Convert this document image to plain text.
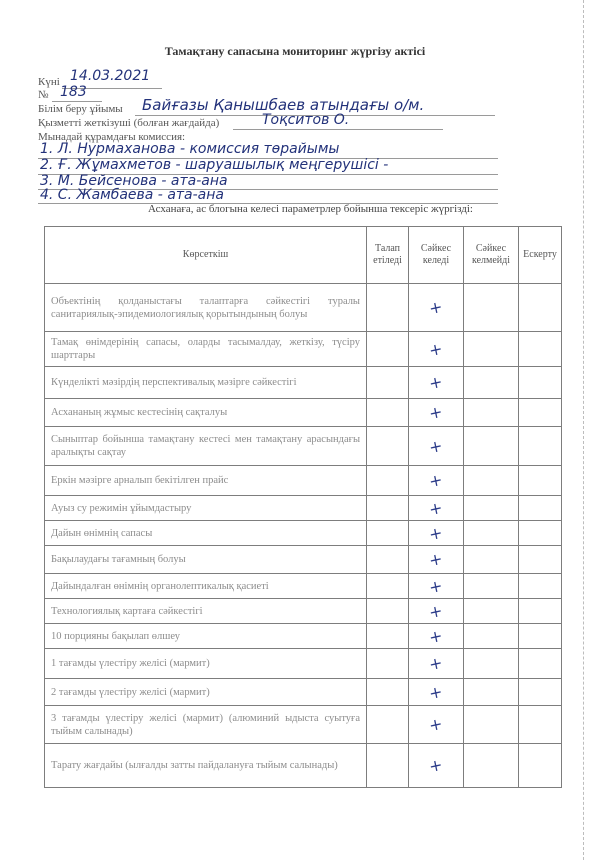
Тамақтану сапасына мониторинг жүргізу актісі
Күні 14.03.2021
№ 183
Білім беру ұйымы Байғазы Қанышбаев атындағы о/м.
Қызметті жеткізуші (болған жағдайда)	Тоқситов О.
Мынадай құрамдағы комиссия:
1. Л. Нурмаханова - комиссия төрайымы
2. Ғ. Жұмахметов - шаруашылық меңгерушісі -
3. М. Бейсенова - ата-ана
4. С. Жамбаева - ата-ана
Асханаға, ас блогына келесі параметрлер бойынша тексеріс жүргізді:
Көрсеткіш	Талап етіледі	Сәйкес келеді	Сәйкес келмейді	Ескерту
Объектінің қолданыстағы талаптарға сәйкестігі туралы санитариялық-эпидемиологиялық қорытындының болуы		+		
Тамақ өнімдерінің сапасы, оларды тасымалдау, жеткізу, түсіру шарттары		+		
Күнделікті мәзірдің перспективалық мәзірге сәйкестігі		+		
Асхананың жұмыс кестесінің сақталуы		+		
Сыныптар бойынша тамақтану кестесі мен тамақтану арасындағы аралықты сақтау		+		
Еркін мәзірге арналып бекітілген прайс		+		
Ауыз су режимін ұйымдастыру		+		
Дайын өнімнің сапасы		+		
Бақылаудағы тағамның болуы		+		
Дайындалған өнімнің органолептикалық қасиеті		+		
Технологиялық картаға сәйкестігі		+		
10 порцияны бақылап өлшеу		+		
1 тағамды үлестіру желісі (мармит)		+		
2 тағамды үлестіру желісі (мармит)		+		
3 тағамды үлестіру желісі (мармит) (алюминий ыдыста суытуға тыйым салынады)		+		
Тарату жағдайы (ылғалды затты пайдалануға тыйым салынады)		+		
